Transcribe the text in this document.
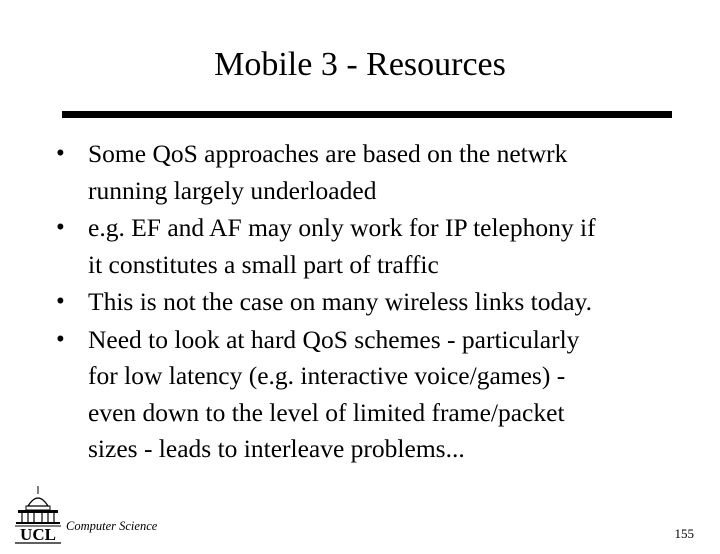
Mobile 3 - Resources
• Some QoS approaches are based on the netwrk
running largely underloaded
• e.g. EF and AF may only work for IP telephony if
it constitutes a small part of traffic
• This is not the case on many wireless links today.
• Need to look at hard QoS schemes - particularly
for low latency (e.g. interactive voice/games) -
even down to the level of limited frame/packet
sizes - leads to interleave problems...
UCL Computer Science	155
